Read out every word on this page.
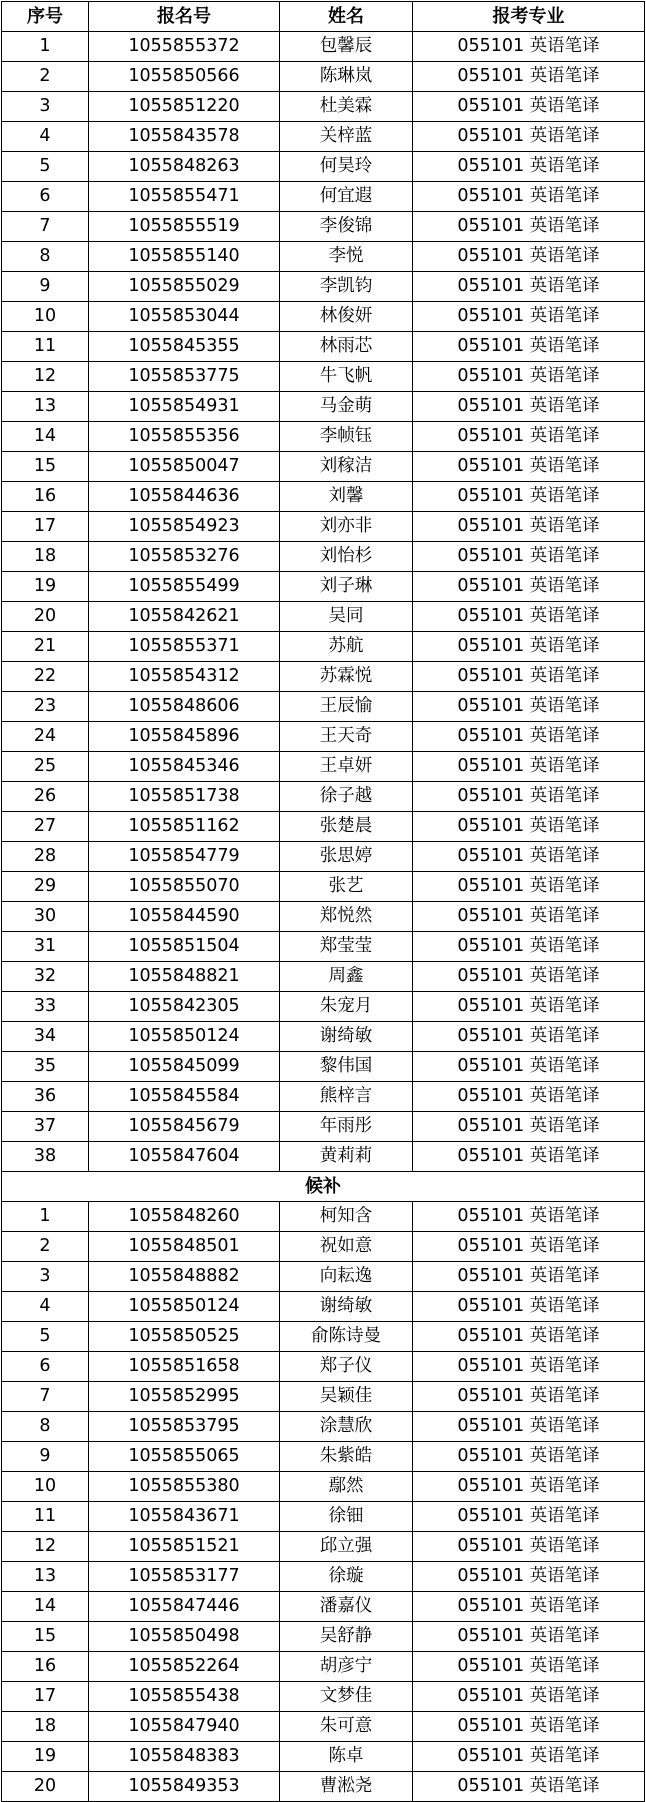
序号	报名号	姓名	报考专业
1	1055855372	包馨辰	055101 英语笔译
2	1055850566	陈琳岚	055101 英语笔译
3	1055851220	杜美霖	055101 英语笔译
4	1055843578	关梓蓝	055101 英语笔译
5	1055848263	何昊玲	055101 英语笔译
6	1055855471	何宜遐	055101 英语笔译
7	1055855519	李俊锦	055101 英语笔译
8	1055855140	李悦	055101 英语笔译
9	1055855029	李凯钧	055101 英语笔译
10	1055853044	林俊妍	055101 英语笔译
11	1055845355	林雨芯	055101 英语笔译
12	1055853775	牛飞帆	055101 英语笔译
13	1055854931	马金萌	055101 英语笔译
14	1055855356	李帧钰	055101 英语笔译
15	1055850047	刘稼洁	055101 英语笔译
16	1055844636	刘馨	055101 英语笔译
17	1055854923	刘亦非	055101 英语笔译
18	1055853276	刘怡杉	055101 英语笔译
19	1055855499	刘子琳	055101 英语笔译
20	1055842621	吴同	055101 英语笔译
21	1055855371	苏航	055101 英语笔译
22	1055854312	苏霖悦	055101 英语笔译
23	1055848606	王辰愉	055101 英语笔译
24	1055845896	王天奇	055101 英语笔译
25	1055845346	王卓妍	055101 英语笔译
26	1055851738	徐子越	055101 英语笔译
27	1055851162	张楚晨	055101 英语笔译
28	1055854779	张思婷	055101 英语笔译
29	1055855070	张艺	055101 英语笔译
30	1055844590	郑悦然	055101 英语笔译
31	1055851504	郑莹莹	055101 英语笔译
32	1055848821	周鑫	055101 英语笔译
33	1055842305	朱宠月	055101 英语笔译
34	1055850124	谢绮敏	055101 英语笔译
35	1055845099	黎伟国	055101 英语笔译
36	1055845584	熊梓言	055101 英语笔译
37	1055845679	年雨彤	055101 英语笔译
38	1055847604	黄莉莉	055101 英语笔译
候补			
1	1055848260	柯知含	055101 英语笔译
2	1055848501	祝如意	055101 英语笔译
3	1055848882	向耘逸	055101 英语笔译
4	1055850124	谢绮敏	055101 英语笔译
5	1055850525	俞陈诗曼	055101 英语笔译
6	1055851658	郑子仪	055101 英语笔译
7	1055852995	吴颖佳	055101 英语笔译
8	1055853795	涂慧欣	055101 英语笔译
9	1055855065	朱紫皓	055101 英语笔译
10	1055855380	鄢然	055101 英语笔译
11	1055843671	徐钿	055101 英语笔译
12	1055851521	邱立强	055101 英语笔译
13	1055853177	徐璇	055101 英语笔译
14	1055847446	潘嘉仪	055101 英语笔译
15	1055850498	吴舒静	055101 英语笔译
16	1055852264	胡彦宁	055101 英语笔译
17	1055855438	文梦佳	055101 英语笔译
18	1055847940	朱可意	055101 英语笔译
19	1055848383	陈卓	055101 英语笔译
20	1055849353	曹淞尧	055101 英语笔译
